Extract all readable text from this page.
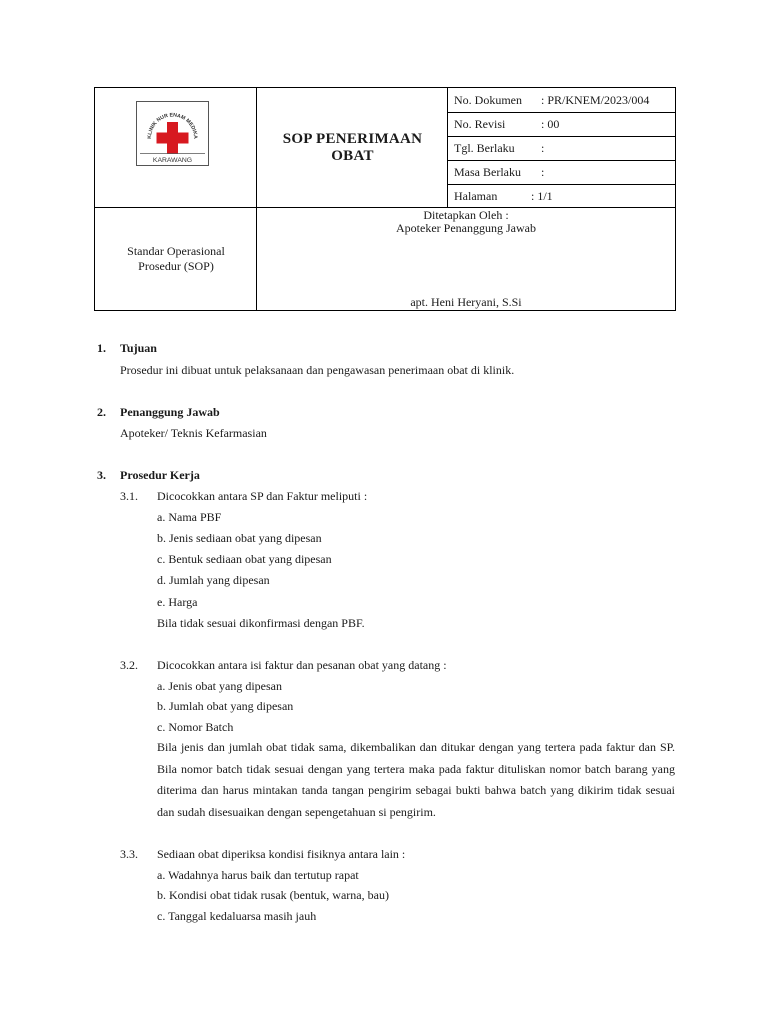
KLINIK NUR ENAM MEDIKA
KARAWANG
SOP PENERIMAAN
OBAT
No. Dokumen : PR/KNEM/2023/004
No. Revisi	: 00
Tgl. Berlaku :
Masa Berlaku :
Halaman	: 1/1
Standar Operasional
Prosedur (SOP)
Ditetapkan Oleh :
Apoteker Penanggung Jawab
apt. Heni Heryani, S.Si
1. Tujuan
Prosedur ini dibuat untuk pelaksanaan dan pengawasan penerimaan obat di klinik.
2. Penanggung Jawab
Apoteker/ Teknis Kefarmasian
3. Prosedur Kerja
3.1. Dicocokkan antara SP dan Faktur meliputi :
a. Nama PBF
b. Jenis sediaan obat yang dipesan
c. Bentuk sediaan obat yang dipesan
d. Jumlah yang dipesan
e. Harga
Bila tidak sesuai dikonfirmasi dengan PBF.
3.2. Dicocokkan antara isi faktur dan pesanan obat yang datang :
a. Jenis obat yang dipesan
b. Jumlah obat yang dipesan
c. Nomor Batch
Bila jenis dan jumlah obat tidak sama, dikembalikan dan ditukar dengan yang tertera pada faktur dan SP. Bila nomor batch tidak sesuai dengan yang tertera maka pada faktur dituliskan nomor batch barang yang diterima dan harus mintakan tanda tangan pengirim sebagai bukti bahwa batch yang dikirim tidak sesuai dan sudah disesuaikan dengan sepengetahuan si pengirim.
3.3. Sediaan obat diperiksa kondisi fisiknya antara lain :
a. Wadahnya harus baik dan tertutup rapat
b. Kondisi obat tidak rusak (bentuk, warna, bau)
c. Tanggal kedaluarsa masih jauh
